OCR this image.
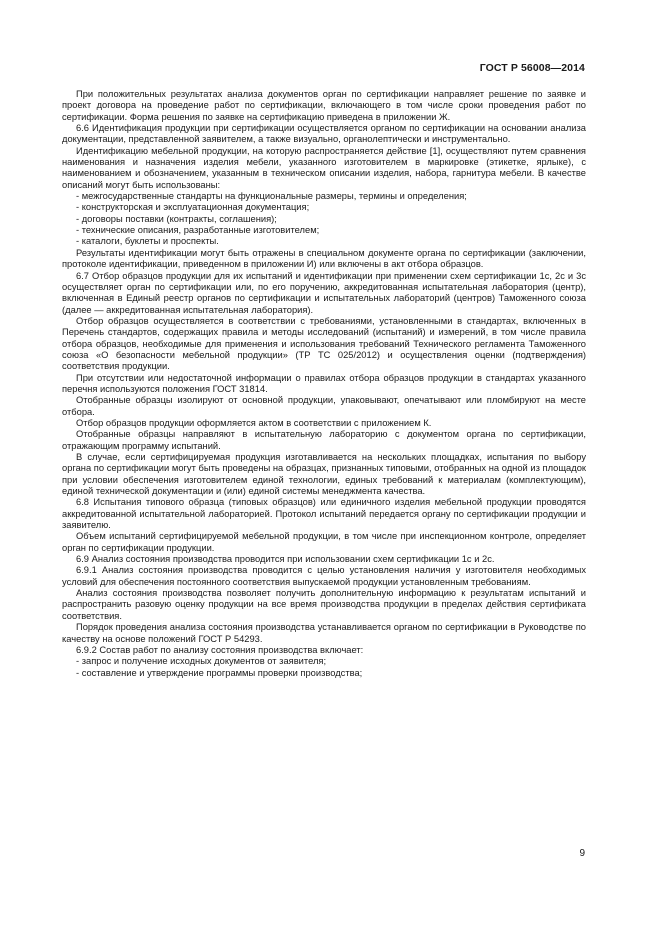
ГОСТ Р 56008—2014

При положительных результатах анализа документов орган по сертификации направляет решение по заявке и проект договора на проведение работ по сертификации, включающего в том числе сроки проведения работ по сертификации. Форма решения по заявке на сертификацию приведена в приложении Ж.

6.6 Идентификация продукции при сертификации осуществляется органом по сертификации на основании анализа документации, представленной заявителем, а также визуально, органолептически и инструментально.

Идентификацию мебельной продукции, на которую распространяется действие [1], осуществляют путем сравнения наименования и назначения изделия мебели, указанного изготовителем в маркировке (этикетке, ярлыке), с наименованием и обозначением, указанным в техническом описании изделия, набора, гарнитура мебели. В качестве описаний могут быть использованы:

- межгосударственные стандарты на функциональные размеры, термины и определения;

- конструкторская и эксплуатационная документация;

- договоры поставки (контракты, соглашения);

- технические описания, разработанные изготовителем;

- каталоги, буклеты и проспекты.

Результаты идентификации могут быть отражены в специальном документе органа по сертификации (заключении, протоколе идентификации, приведенном в приложении И) или включены в акт отбора образцов.

6.7 Отбор образцов продукции для их испытаний и идентификации при применении схем сертификации 1с, 2с и 3с осуществляет орган по сертификации или, по его поручению, аккредитованная испытательная лаборатория (центр), включенная в Единый реестр органов по сертификации и испытательных лабораторий (центров) Таможенного союза (далее — аккредитованная испытательная лаборатория).

Отбор образцов осуществляется в соответствии с требованиями, установленными в стандартах, включенных в Перечень стандартов, содержащих правила и методы исследований (испытаний) и измерений, в том числе правила отбора образцов, необходимые для применения и использования требований Технического регламента Таможенного союза «О безопасности мебельной продукции» (ТР ТС 025/2012) и осуществления оценки (подтверждения) соответствия продукции.

При отсутствии или недостаточной информации о правилах отбора образцов продукции в стандартах указанного перечня используются положения ГОСТ 31814.

Отобранные образцы изолируют от основной продукции, упаковывают, опечатывают или пломбируют на месте отбора.

Отбор образцов продукции оформляется актом в соответствии с приложением К.

Отобранные образцы направляют в испытательную лабораторию с документом органа по сертификации, отражающим программу испытаний.

В случае, если сертифицируемая продукция изготавливается на нескольких площадках, испытания по выбору органа по сертификации могут быть проведены на образцах, признанных типовыми, отобранных на одной из площадок при условии обеспечения изготовителем единой технологии, единых требований к материалам (комплектующим), единой технической документации и (или) единой системы менеджмента качества.

6.8 Испытания типового образца (типовых образцов) или единичного изделия мебельной продукции проводятся аккредитованной испытательной лабораторией. Протокол испытаний передается органу по сертификации продукции и заявителю.

Объем испытаний сертифицируемой мебельной продукции, в том числе при инспекционном контроле, определяет орган по сертификации продукции.

6.9 Анализ состояния производства проводится при использовании схем сертификации 1с и 2с.

6.9.1 Анализ состояния производства проводится с целью установления наличия у изготовителя необходимых условий для обеспечения постоянного соответствия выпускаемой продукции установленным требованиям.

Анализ состояния производства позволяет получить дополнительную информацию к результатам испытаний и распространить разовую оценку продукции на все время производства продукции в пределах действия сертификата соответствия.

Порядок проведения анализа состояния производства устанавливается органом по сертификации в Руководстве по качеству на основе положений ГОСТ Р 54293.

6.9.2 Состав работ по анализу состояния производства включает:

- запрос и получение исходных документов от заявителя;

- составление и утверждение программы проверки производства;

9
